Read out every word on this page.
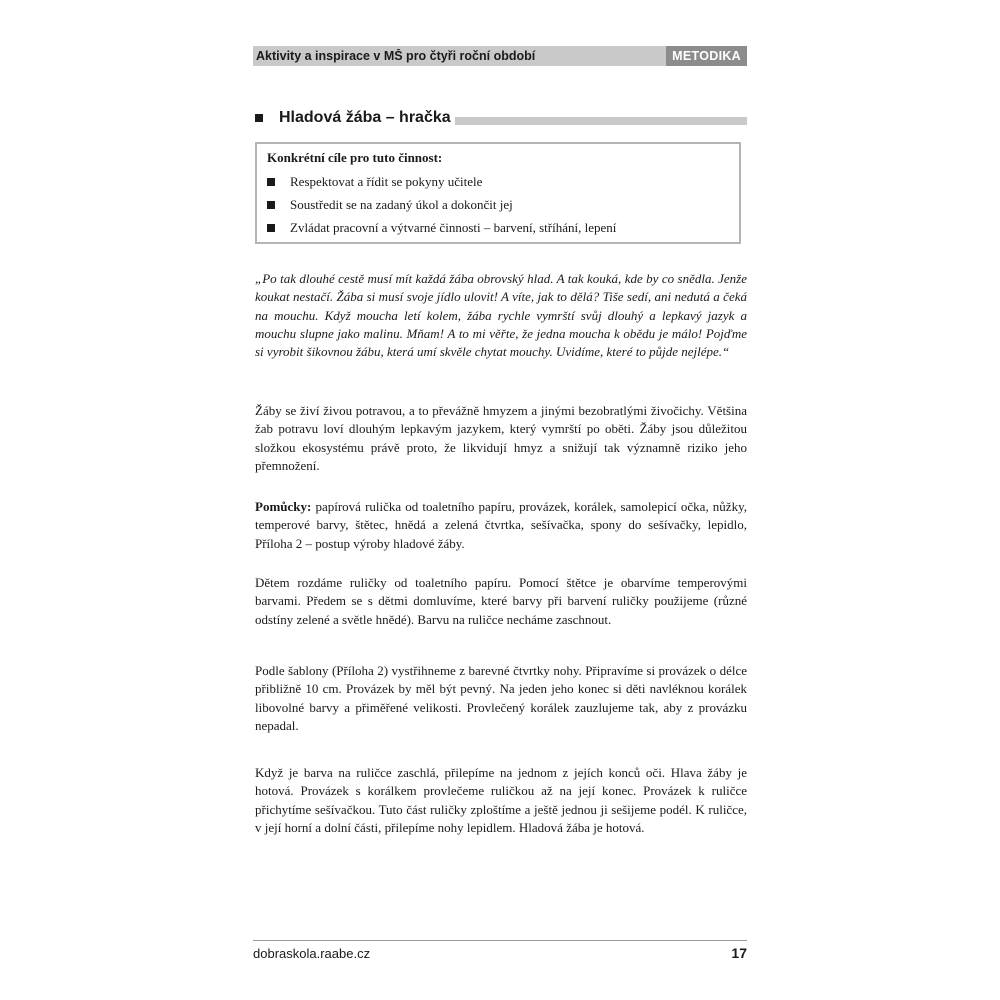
Aktivity a inspirace v MŠ pro čtyři roční období	METODIKA
Hladová žába – hračka
Konkrétní cíle pro tuto činnost:
Respektovat a řídit se pokyny učitele
Soustředit se na zadaný úkol a dokončit jej
Zvládat pracovní a výtvarné činnosti – barvení, stříhání, lepení

„Po tak dlouhé cestě musí mít každá žába obrovský hlad. A tak kouká, kde by co snědla. Jenže koukat nestačí. Žába si musí svoje jídlo ulovit! A víte, jak to dělá? Tiše sedí, ani nedutá a čeká na mouchu. Když moucha letí kolem, žába rychle vymrští svůj dlouhý a lepkavý jazyk a mouchu slupne jako malinu. Mňam! A to mi věřte, že jedna moucha k obědu je málo! Pojďme si vyrobit šikovnou žábu, která umí skvěle chytat mouchy. Uvidíme, které to půjde nejlépe.“

Žáby se živí živou potravou, a to převážně hmyzem a jinými bezobratlými živočichy. Většina žab potravu loví dlouhým lepkavým jazykem, který vymrští po oběti. Žáby jsou důležitou složkou ekosystému právě proto, že likvidují hmyz a snižují tak významně riziko jeho přemnožení.

Pomůcky: papírová rulička od toaletního papíru, provázek, korálek, samolepicí očka, nůžky, temperové barvy, štětec, hnědá a zelená čtvrtka, sešívačka, spony do sešívačky, lepidlo, Příloha 2 – postup výroby hladové žáby.

Dětem rozdáme ruličky od toaletního papíru. Pomocí štětce je obarvíme temperovými barvami. Předem se s dětmi domluvíme, které barvy při barvení ruličky použijeme (různé odstíny zelené a světle hnědé). Barvu na ruličce necháme zaschnout.

Podle šablony (Příloha 2) vystřihneme z barevné čtvrtky nohy. Připravíme si provázek o délce přibližně 10 cm. Provázek by měl být pevný. Na jeden jeho konec si děti navléknou korálek libovolné barvy a přiměřené velikosti. Provlečený korálek zauzlujeme tak, aby z provázku nepadal.

Když je barva na ruličce zaschlá, přilepíme na jednom z jejích konců oči. Hlava žáby je hotová. Provázek s korálkem provlečeme ruličkou až na její konec. Provázek k ruličce přichytíme sešívačkou. Tuto část ruličky zploštíme a ještě jednou ji sešijeme podél. K ruličce, v její horní a dolní části, přilepíme nohy lepidlem. Hladová žába je hotová.

dobraskola.raabe.cz	17
